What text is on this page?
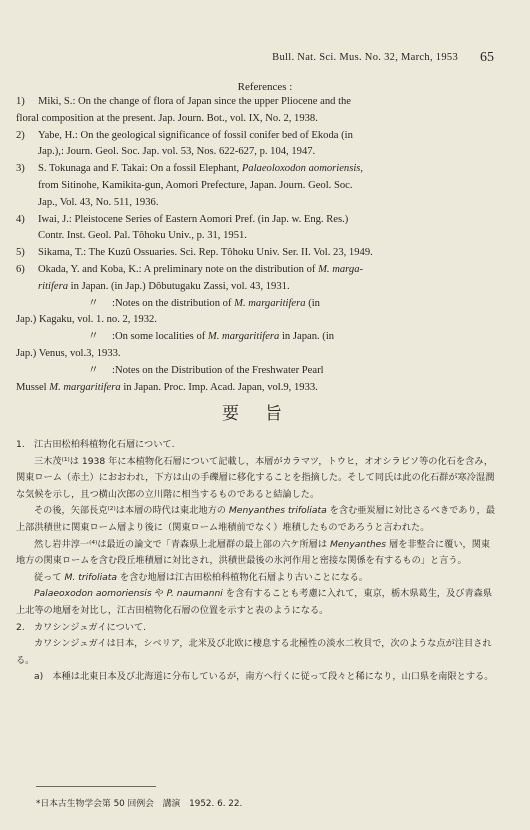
Bull. Nat. Sci. Mus. No. 32, March, 1953 65
References :

1) Miki, S.: On the change of flora of Japan since the upper Pliocene and the
floral composition at the present. Jap. Journ. Bot., vol. IX, No. 2, 1938.

2) Yabe, H.: On the geological significance of fossil conifer bed of Ekoda (in
Jap.),: Journ. Geol. Soc. Jap. vol. 53, Nos. 622-627, p. 104, 1947.

3) S. Tokunaga and F. Takai: On a fossil Elephant, Palaeoloxodon aomoriensis,
from Sitinohe, Kamikita-gun, Aomori Prefecture, Japan. Journ. Geol. Soc.
Jap., Vol. 43, No. 511, 1936.

4) Iwai, J.: Pleistocene Series of Eastern Aomori Pref. (in Jap. w. Eng. Res.)
Contr. Inst. Geol. Pal. Tôhoku Univ., p. 31, 1951.

5) Sikama, T.: The Kuzû Ossuaries. Sci. Rep. Tôhoku Univ. Ser. II. Vol. 23, 1949.

6) Okada, Y. and Koba, K.: A preliminary note on the distribution of M. marga-
ritifera in Japan. (in Jap.) Dôbutugaku Zassi, vol. 43, 1931.

〃 :Notes on the distribution of M. margaritifera (in
Jap.) Kagaku, vol. 1. no. 2, 1932.

〃 :On some localities of M. margaritifera in Japan. (in
Jap.) Venus, vol.3, 1933.

〃 :Notes on the Distribution of the Freshwater Pearl
Mussel M. margaritifera in Japan. Proc. Imp. Acad. Japan, vol.9, 1933.

要旨

1.　江古田松柏科植物化石層について.

三木茂⁽¹⁾は 1938 年に本植物化石層について記載し，本層がカラマツ，トウヒ，オオシラビソ等の化石を含み，関東ローム（赤土）におおわれ，下方は山の手礫層に移化することを指摘した。そして同氏は此の化石群が寒冷湿潤な気候を示し，且つ横山次郎の立川階に相当するものであると結論した。

その後，矢部長克⁽²⁾は本層の時代は東北地方の Menyanthes trifoliata を含む亜炭層に対比さるべきであり，最上部洪積世に関東ローム層より後に（関東ローム堆積前でなく）堆積したものであろうと言われた。

然し岩井淳一⁽⁴⁾は最近の論文で「青森県上北層群の最上部の六ケ所層は Menyanthes 層を非整合に覆い，関東地方の関東ロームを含む段丘堆積層に対比され，洪積世最後の氷河作用と密接な関係を有するもの」と言う。

従って M. trifoliata を含む地層は江古田松柏科植物化石層より古いことになる。

Palaeoxodon aomoriensis や P. naumanni を含有することも考慮に入れて，東京，栃木県葛生，及び青森県上北等の地層を対比し，江古田植物化石層の位置を示すと表のようになる。

2.　カワシンジュガイについて.

カワシンジュガイは日本，シベリア，北米及び北欧に棲息する北極性の淡水二枚貝で，次のような点が注目される。

a)　本種は北東日本及び北海道に分布しているが，南方へ行くに従って段々と稀になり，山口県を南限とする。

*日本古生物学会第 50 回例会　講演　1952. 6. 22.
